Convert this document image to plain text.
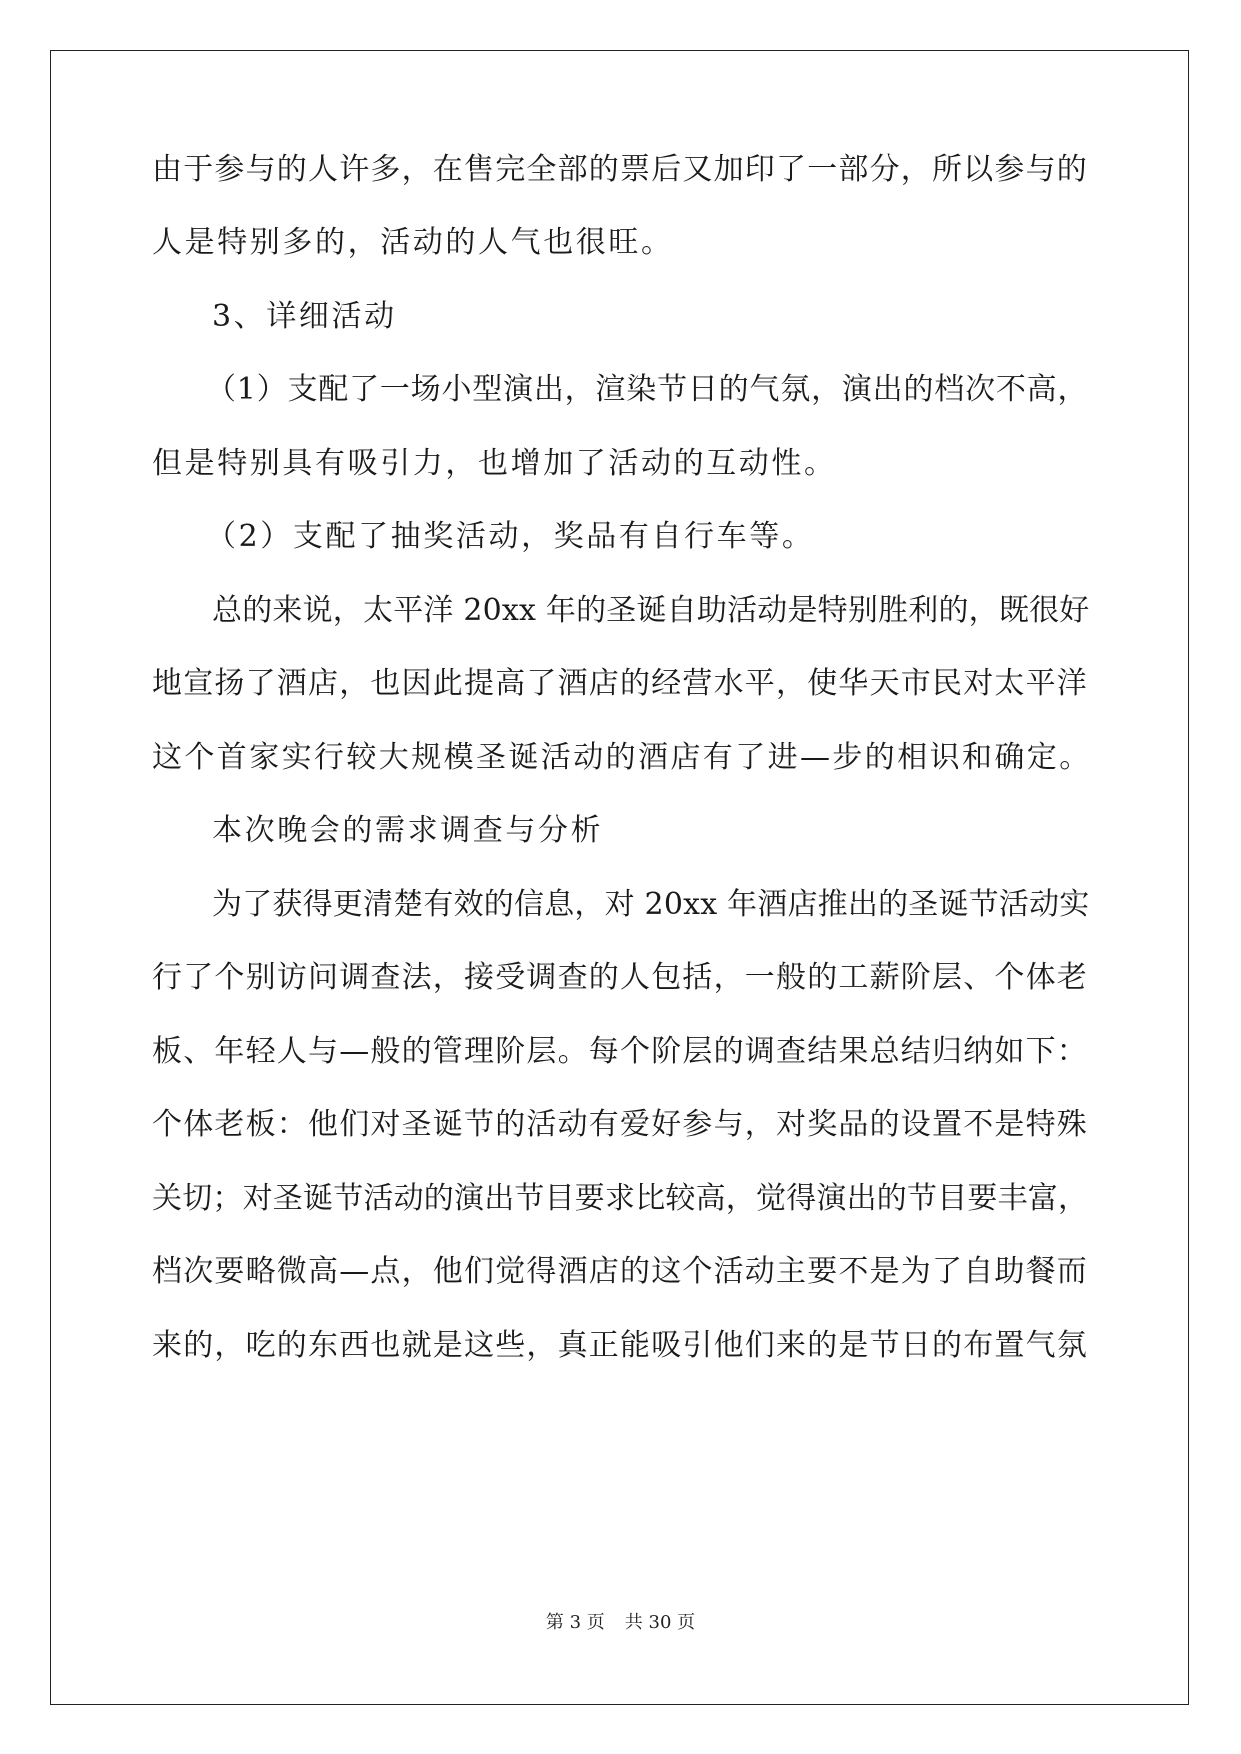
由于参与的人许多，在售完全部的票后又加印了一部分，所以参与的
人是特别多的，活动的人气也很旺。
3、详细活动
（1）支配了一场小型演出，渲染节日的气氛，演出的档次不高，
但是特别具有吸引力，也增加了活动的互动性。
（2）支配了抽奖活动，奖品有自行车等。
总的来说，太平洋 20xx 年的圣诞自助活动是特别胜利的，既很好
地宣扬了酒店，也因此提高了酒店的经营水平，使华天市民对太平洋
这个首家实行较大规模圣诞活动的酒店有了进—步的相识和确定。
本次晚会的需求调查与分析
为了获得更清楚有效的信息，对 20xx 年酒店推出的圣诞节活动实
行了个别访问调查法，接受调查的人包括，一般的工薪阶层、个体老
板、年轻人与—般的管理阶层。每个阶层的调查结果总结归纳如下：
个体老板：他们对圣诞节的活动有爱好参与，对奖品的设置不是特殊
关切；对圣诞节活动的演出节目要求比较高，觉得演出的节目要丰富，
档次要略微高—点，他们觉得酒店的这个活动主要不是为了自助餐而
来的，吃的东西也就是这些，真正能吸引他们来的是节日的布置气氛
第 3 页 共 30 页
